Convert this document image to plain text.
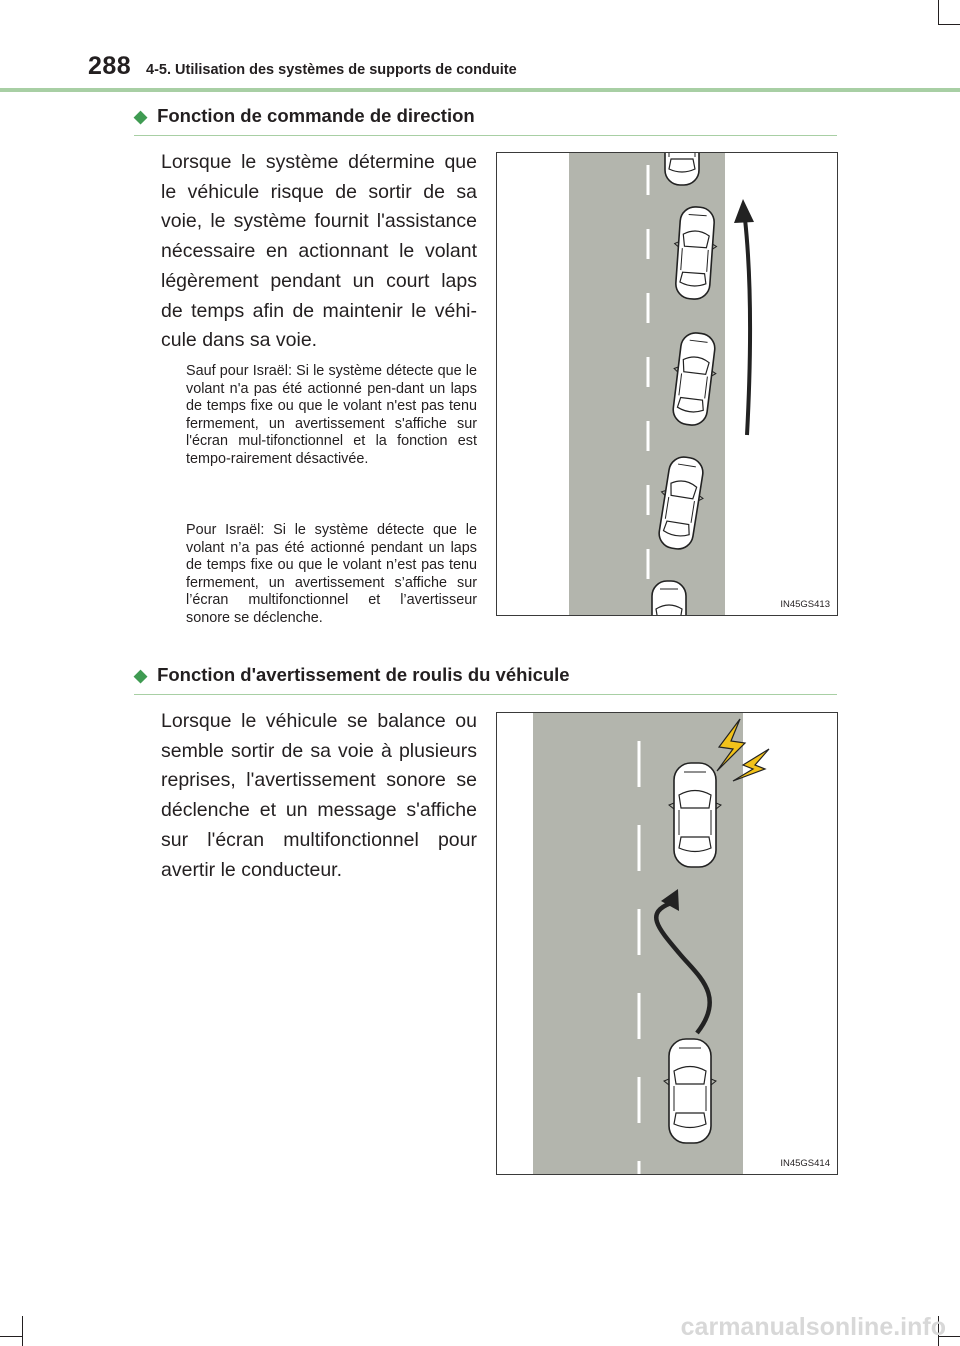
288 4-5. Utilisation des systèmes de supports de conduite
◆ Fonction de commande de direction
Lorsque le système détermine que le véhicule risque de sortir de sa voie, le système fournit l'assistance nécessaire en actionnant le volant légèrement pendant un court laps de temps afin de maintenir le véhi-cule dans sa voie.
Sauf pour Israël: Si le système détecte que le volant n'a pas été actionné pen-dant un laps de temps fixe ou que le volant n'est pas tenu fermement, un avertissement s'affiche sur l'écran mul-tifonctionnel et la fonction est tempo-rairement désactivée.
Pour Israël: Si le système détecte que le volant n’a pas été actionné pendant un laps de temps fixe ou que le volant n’est pas tenu fermement, un avertissement s’affiche sur l’écran multifonctionnel et l’avertisseur sonore se déclenche.
IN45GS413
◆ Fonction d'avertissement de roulis du véhicule
Lorsque le véhicule se balance ou semble sortir de sa voie à plusieurs reprises, l'avertissement sonore se déclenche et un message s'affiche sur l'écran multifonctionnel pour avertir le conducteur.
IN45GS414
carmanualsonline.info
